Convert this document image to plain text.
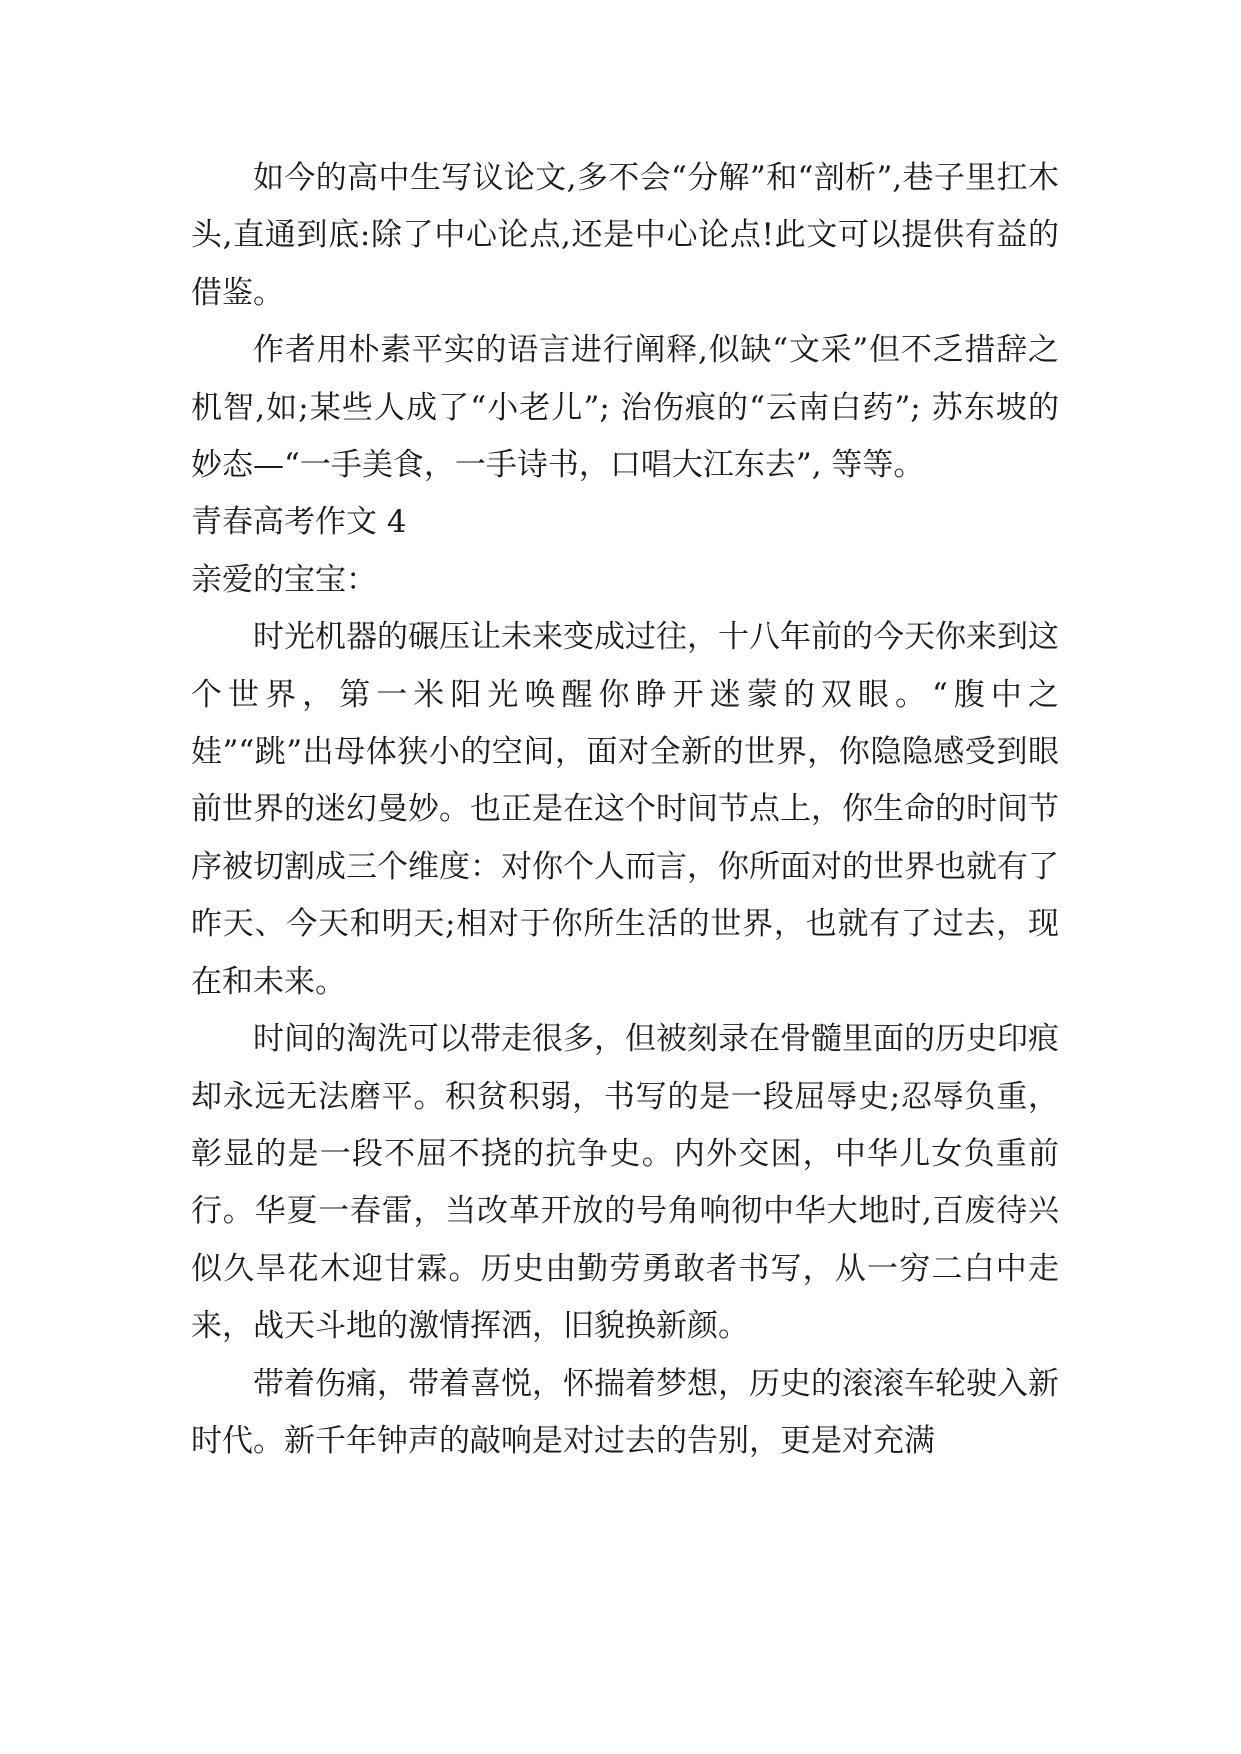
如今的高中生写议论文,多不会“分解”和“剖析”,巷子里扛木头,直通到底:除了中心论点,还是中心论点!此文可以提供有益的借鉴。

作者用朴素平实的语言进行阐释,似缺“文采”但不乏措辞之机智,如;某些人成了“小老儿”; 治伤痕的“云南白药”; 苏东坡的妙态—“一手美食，一手诗书，口唱大江东去”, 等等。

青春高考作文 4

亲爱的宝宝：

时光机器的碾压让未来变成过往，十八年前的今天你来到这个世界，第一米阳光唤醒你睁开迷蒙的双眼。“腹中之娃”“跳”出母体狭小的空间，面对全新的世界，你隐隐感受到眼前世界的迷幻曼妙。也正是在这个时间节点上，你生命的时间节序被切割成三个维度：对你个人而言，你所面对的世界也就有了昨天、今天和明天;相对于你所生活的世界，也就有了过去，现在和未来。

时间的淘洗可以带走很多，但被刻录在骨髓里面的历史印痕却永远无法磨平。积贫积弱，书写的是一段屈辱史;忍辱负重，彰显的是一段不屈不挠的抗争史。内外交困，中华儿女负重前行。华夏一春雷，当改革开放的号角响彻中华大地时,百废待兴似久旱花木迎甘霖。历史由勤劳勇敢者书写，从一穷二白中走来，战天斗地的激情挥洒，旧貌换新颜。

带着伤痛，带着喜悦，怀揣着梦想，历史的滚滚车轮驶入新时代。新千年钟声的敲响是对过去的告别，更是对充满
